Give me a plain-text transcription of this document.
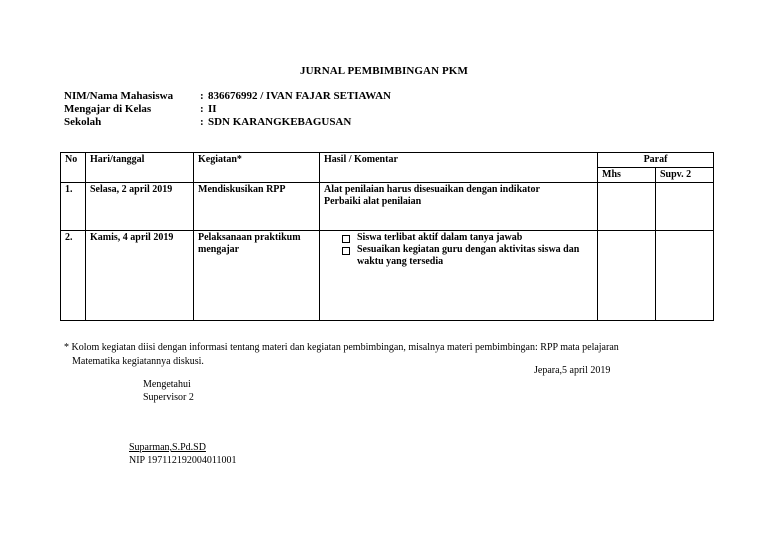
JURNAL PEMBIMBINGAN PKM
NIM/Nama Mahasiswa : 836676992 / IVAN FAJAR SETIAWAN
Mengajar di Kelas	: II
Sekolah	: SDN KARANGKEBAGUSAN
No	Hari/tanggal	Kegiatan*	Hasil / Komentar	Paraf	
				Mhs	Supv. 2
1.	Selasa, 2 april 2019	Mendiskusikan RPP	Alat penilaian harus disesuaikan dengan indikator
Perbaiki alat penilaian		

2.	Kamis, 4 april 2019	Pelaksanaan praktikum mengajar	Siswa terlibat aktif dalam tanya jawab
Sesuaikan kegiatan guru dengan aktivitas siswa dan waktu yang tersedia		

* Kolom kegiatan diisi dengan informasi tentang materi dan kegiatan pembimbingan, misalnya materi pembimbingan: RPP mata pelajaran
Matematika kegiatannya diskusi.
Jepara,5 april 2019
Mengetahui
Supervisor 2
Suparman,S.Pd.SD
NIP 197112192004011001
